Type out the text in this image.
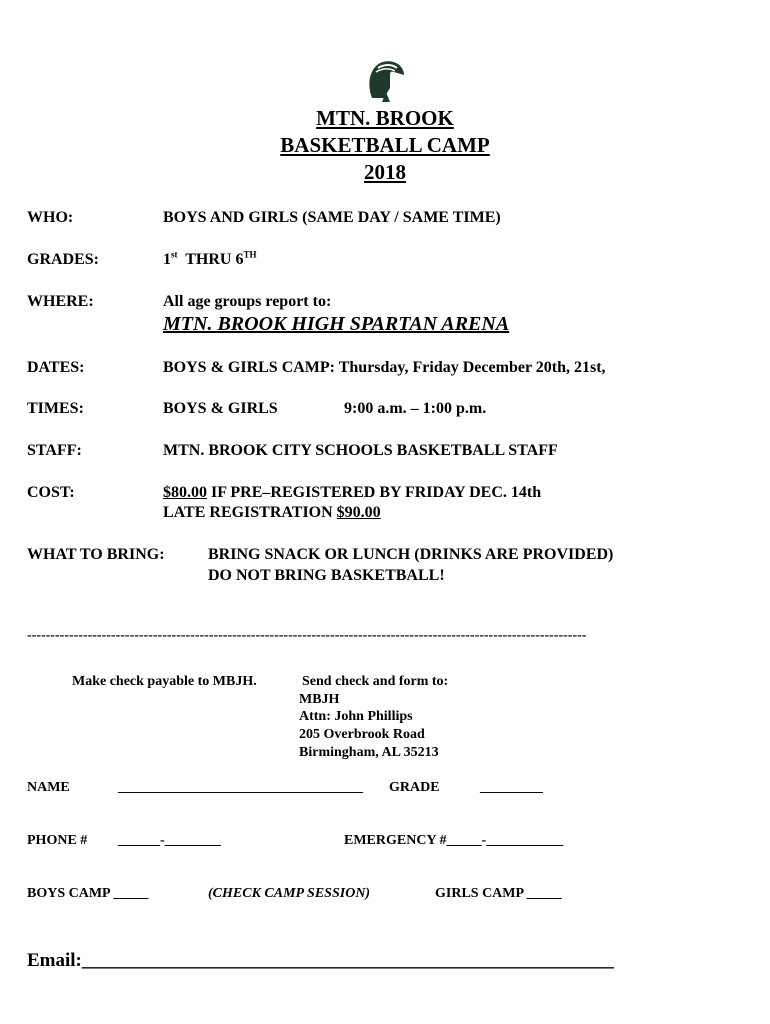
MTN. BROOK
BASKETBALL CAMP
2018
WHO:	BOYS AND GIRLS (SAME DAY / SAME TIME)
GRADES:	1st THRU 6TH
WHERE:	All age groups report to:
MTN. BROOK HIGH SPARTAN ARENA
DATES:	BOYS & GIRLS CAMP: Thursday, Friday December 20th, 21st,
TIMES:	BOYS & GIRLS	9:00 a.m. – 1:00 p.m.
STAFF:	MTN. BROOK CITY SCHOOLS BASKETBALL STAFF
COST:	$80.00 IF PRE–REGISTERED BY FRIDAY DEC. 14th
LATE REGISTRATION $90.00
WHAT TO BRING:	BRING SNACK OR LUNCH (DRINKS ARE PROVIDED)
DO NOT BRING BASKETBALL!
------------------------------------------------------------------------------------------------------------------------
Make check payable to MBJH.	Send check and form to:
MBJH
Attn: John Phillips
205 Overbrook Road
Birmingham, AL 35213
NAME	___________________________________ GRADE	_________
PHONE # ______-________	EMERGENCY #_____-___________
BOYS CAMP _____	(CHECK CAMP SESSION)	GIRLS CAMP _____
Email:________________________________________________________
